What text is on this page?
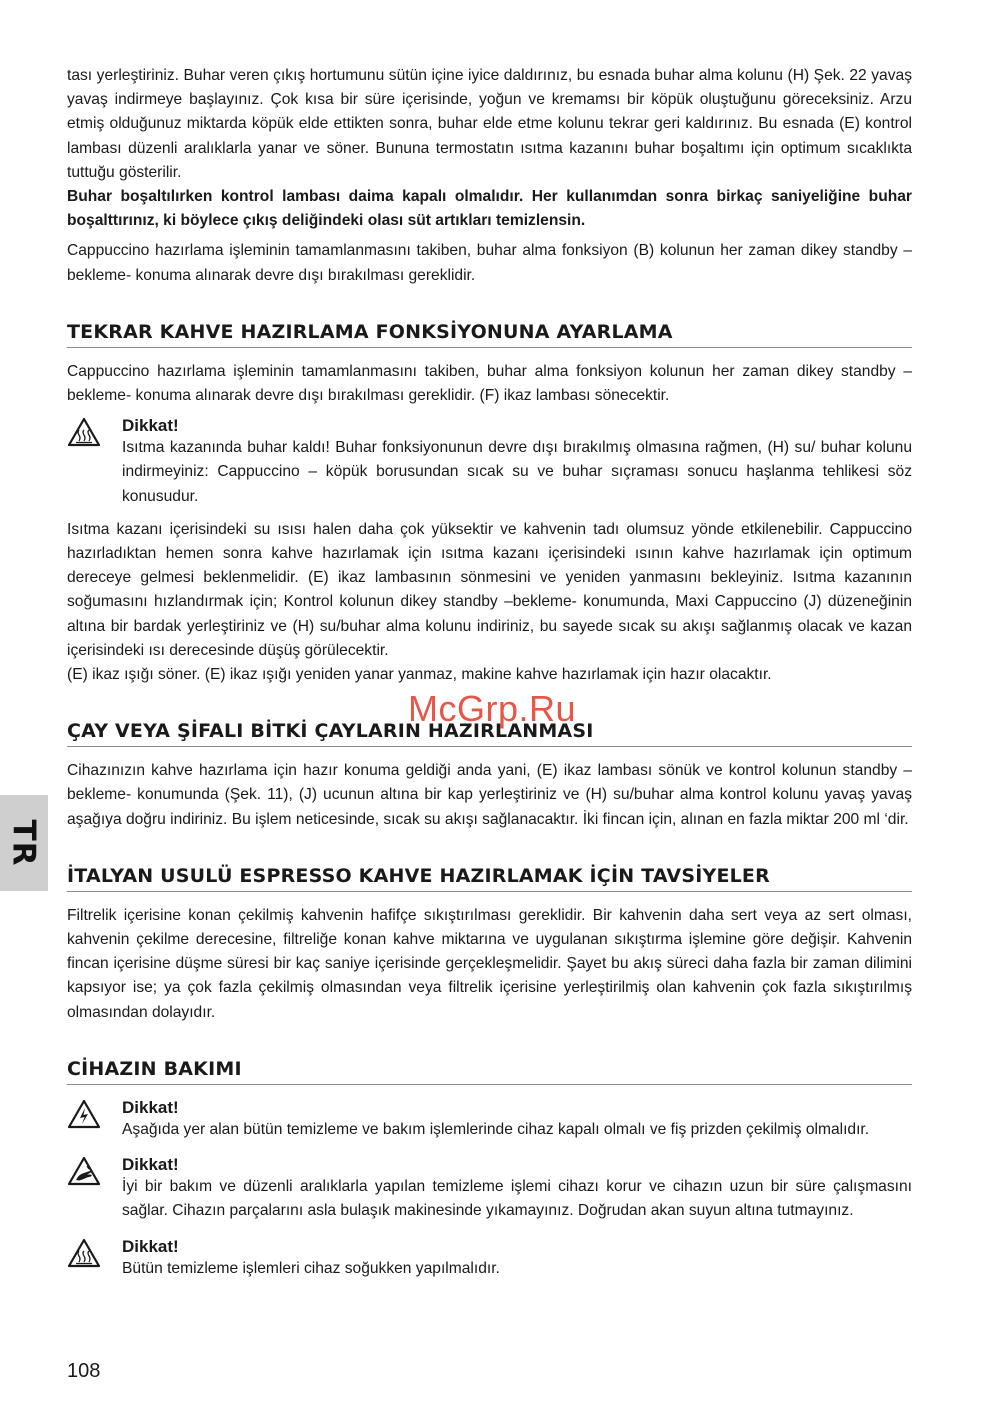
TR

tası yerleştiriniz. Buhar veren çıkış hortumunu sütün içine iyice daldırınız, bu esnada buhar alma kolunu (H) Şek. 22 yavaş yavaş indirmeye başlayınız. Çok kısa bir süre içerisinde, yoğun ve kremamsı bir köpük oluştuğunu göreceksiniz. Arzu etmiş olduğunuz miktarda köpük elde ettikten sonra, buhar elde etme kolunu tekrar geri kaldırınız. Bu esnada (E) kontrol lambası düzenli aralıklarla yanar ve söner. Bununa termostatın ısıtma kazanını buhar boşaltımı için optimum sıcaklıkta tuttuğu gösterilir.

Buhar boşaltılırken kontrol lambası daima kapalı olmalıdır. Her kullanımdan sonra birkaç saniyeliğine buhar boşalttırınız, ki böylece çıkış deliğindeki olası süt artıkları temizlensin.

Cappuccino hazırlama işleminin tamamlanmasını takiben, buhar alma fonksiyon (B) kolunun her zaman dikey standby –bekleme- konuma alınarak devre dışı bırakılması gereklidir.

TEKRAR KAHVE HAZIRLAMA FONKSİYONUNA AYARLAMA

Cappuccino hazırlama işleminin tamamlanmasını takiben, buhar alma fonksiyon kolunun her zaman dikey standby –bekleme- konuma alınarak devre dışı bırakılması gereklidir. (F) ikaz lambası sönecektir.

Dikkat!

Isıtma kazanında buhar kaldı! Buhar fonksiyonunun devre dışı bırakılmış olmasına rağmen, (H) su/ buhar kolunu indirmeyiniz: Cappuccino – köpük borusundan sıcak su ve buhar sıçraması sonucu haşlanma tehlikesi söz konusudur.

Isıtma kazanı içerisindeki su ısısı halen daha çok yüksektir ve kahvenin tadı olumsuz yönde etkilenebilir. Cappuccino hazırladıktan hemen sonra kahve hazırlamak için ısıtma kazanı içerisindeki ısının kahve hazırlamak için optimum dereceye gelmesi beklenmelidir. (E) ikaz lambasının sönmesini ve yeniden yanmasını bekleyiniz. Isıtma kazanının soğumasını hızlandırmak için; Kontrol kolunun dikey standby –bekleme- konumunda, Maxi Cappuccino (J) düzeneğinin altına bir bardak yerleştiriniz ve (H) su/buhar alma kolunu indiriniz, bu sayede sıcak su akışı sağlanmış olacak ve kazan içerisindeki ısı derecesinde düşüş görülecektir.

(E) ikaz ışığı söner. (E) ikaz ışığı yeniden yanar yanmaz, makine kahve hazırlamak için hazır olacaktır.

ÇAY VEYA ŞİFALI BİTKİ ÇAYLARIN HAZIRLANMASI

Cihazınızın kahve hazırlama için hazır konuma geldiği anda yani, (E) ikaz lambası sönük ve kontrol kolunun standby –bekleme- konumunda (Şek. 11), (J) ucunun altına bir kap yerleştiriniz ve (H) su/buhar alma kontrol kolunu yavaş yavaş aşağıya doğru indiriniz. Bu işlem neticesinde, sıcak su akışı sağlanacaktır. İki fincan için, alınan en fazla miktar 200 ml ‘dir.

İTALYAN USULÜ ESPRESSO KAHVE HAZIRLAMAK İÇİN TAVSİYELER

Filtrelik içerisine konan çekilmiş kahvenin hafifçe sıkıştırılması gereklidir. Bir kahvenin daha sert veya az sert olması, kahvenin çekilme derecesine, filtreliğe konan kahve miktarına ve uygulanan sıkıştırma işlemine göre değişir. Kahvenin fincan içerisine düşme süresi bir kaç saniye içerisinde gerçekleşmelidir. Şayet bu akış süreci daha fazla bir zaman dilimini kapsıyor ise; ya çok fazla çekilmiş olmasından veya filtrelik içerisine yerleştirilmiş olan kahvenin çok fazla sıkıştırılmış olmasından dolayıdır.

CİHAZIN BAKIMI
Dikkat!

Aşağıda yer alan bütün temizleme ve bakım işlemlerinde cihaz kapalı olmalı ve fiş prizden çekilmiş olmalıdır.

Dikkat!

İyi bir bakım ve düzenli aralıklarla yapılan temizleme işlemi cihazı korur ve cihazın uzun bir süre çalışmasını sağlar. Cihazın parçalarını asla bulaşık makinesinde yıkamayınız. Doğrudan akan suyun altına tutmayınız.

Dikkat!

Bütün temizleme işlemleri cihaz soğukken yapılmalıdır.

McGrp.Ru
108
